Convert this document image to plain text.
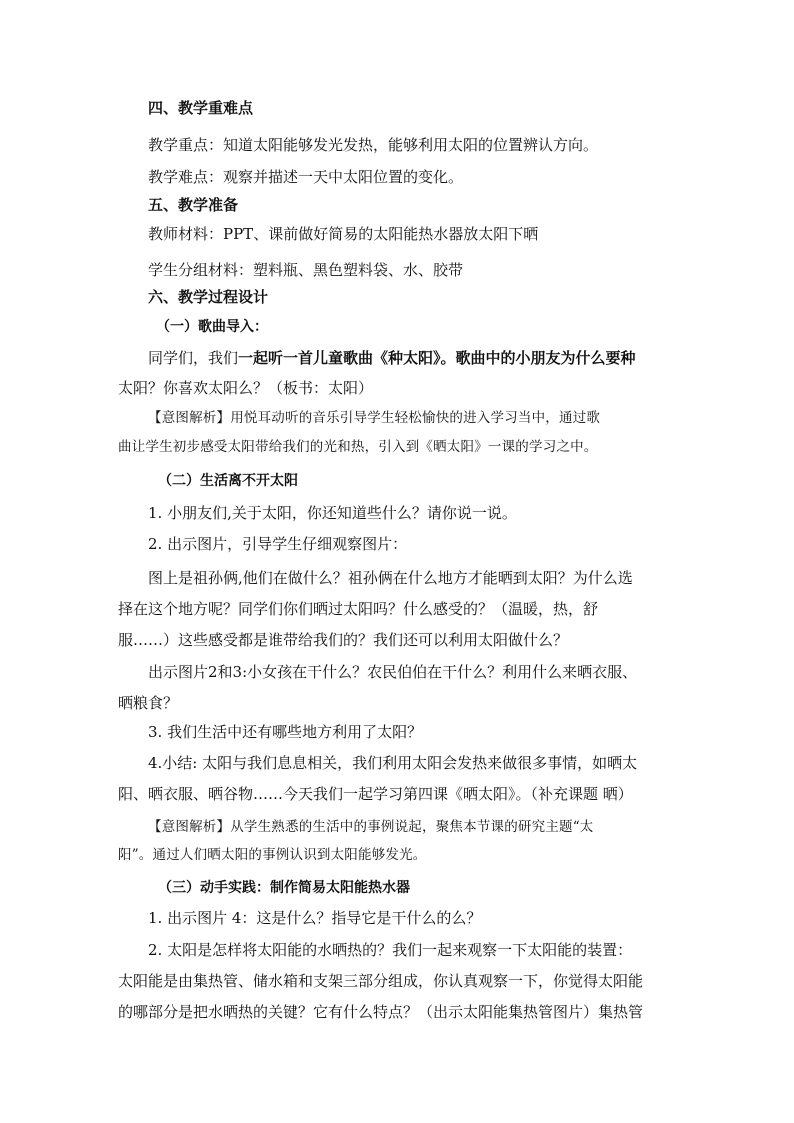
四、教学重难点
教学重点：知道太阳能够发光发热，能够利用太阳的位置辨认方向。
教学难点：观察并描述一天中太阳位置的变化。
五、教学准备
教师材料：PPT、课前做好简易的太阳能热水器放太阳下晒
学生分组材料：塑料瓶、黑色塑料袋、水、胶带
六、教学过程设计
（一）歌曲导入：
同学们，我们一起听一首儿童歌曲《种太阳》。歌曲中的小朋友为什么要种
太阳？你喜欢太阳么？（板书：太阳）
【意图解析】用悦耳动听的音乐引导学生轻松愉快的进入学习当中，通过歌
曲让学生初步感受太阳带给我们的光和热，引入到《晒太阳》一课的学习之中。
（二）生活离不开太阳
1. 小朋友们,关于太阳，你还知道些什么？请你说一说。
2. 出示图片，引导学生仔细观察图片：
图上是祖孙俩,他们在做什么？祖孙俩在什么地方才能晒到太阳？为什么选
择在这个地方呢？同学们你们晒过太阳吗？什么感受的？（温暖，热，舒
服……）这些感受都是谁带给我们的？我们还可以利用太阳做什么？
出示图片2和3:小女孩在干什么？农民伯伯在干什么？利用什么来晒衣服、
晒粮食？
3. 我们生活中还有哪些地方利用了太阳？
4.小结: 太阳与我们息息相关，我们利用太阳会发热来做很多事情，如晒太
阳、晒衣服、晒谷物……今天我们一起学习第四课《晒太阳》。（补充课题 晒）
【意图解析】从学生熟悉的生活中的事例说起，聚焦本节课的研究主题“太
阳”。通过人们晒太阳的事例认识到太阳能够发光。
（三）动手实践：制作简易太阳能热水器
1. 出示图片 4：这是什么？指导它是干什么的么？
2. 太阳是怎样将太阳能的水晒热的？我们一起来观察一下太阳能的装置：
太阳能是由集热管、储水箱和支架三部分组成，你认真观察一下，你觉得太阳能
的哪部分是把水晒热的关键？它有什么特点？（出示太阳能集热管图片）集热管
